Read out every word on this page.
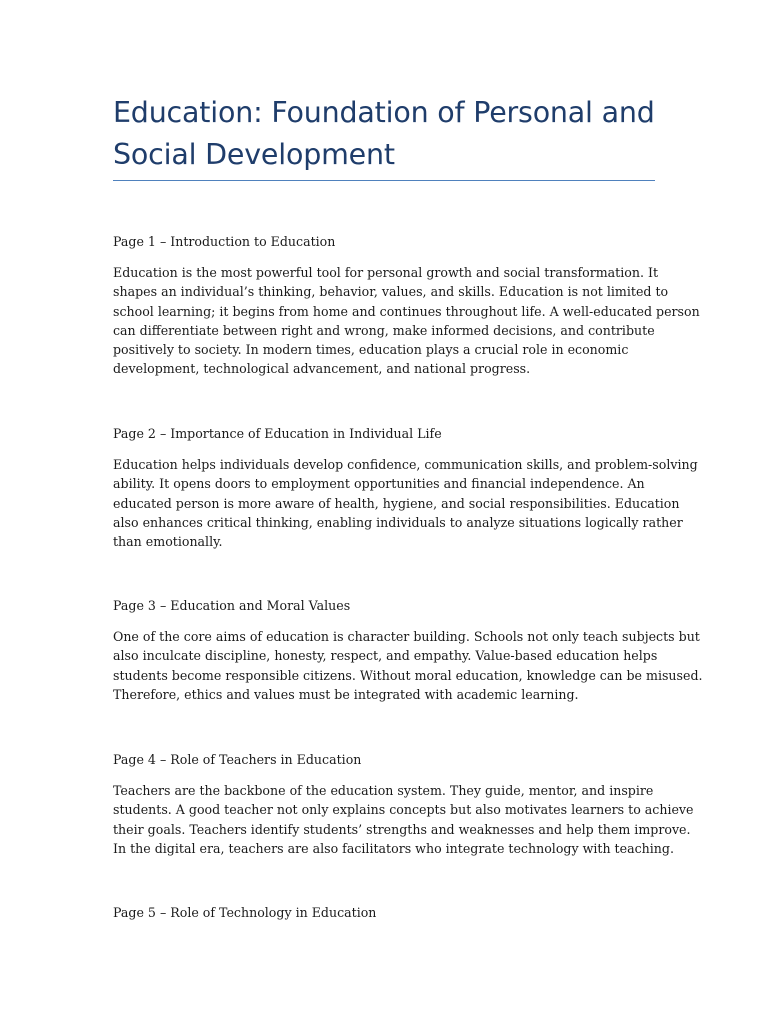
Education: Foundation of Personal and Social Development

Page 1 – Introduction to Education

Education is the most powerful tool for personal growth and social transformation. It
shapes an individual’s thinking, behavior, values, and skills. Education is not limited to
school learning; it begins from home and continues throughout life. A well-educated person
can differentiate between right and wrong, make informed decisions, and contribute
positively to society. In modern times, education plays a crucial role in economic
development, technological advancement, and national progress.

Page 2 – Importance of Education in Individual Life

Education helps individuals develop confidence, communication skills, and problem-solving
ability. It opens doors to employment opportunities and financial independence. An
educated person is more aware of health, hygiene, and social responsibilities. Education
also enhances critical thinking, enabling individuals to analyze situations logically rather
than emotionally.

Page 3 – Education and Moral Values

One of the core aims of education is character building. Schools not only teach subjects but
also inculcate discipline, honesty, respect, and empathy. Value-based education helps
students become responsible citizens. Without moral education, knowledge can be misused.
Therefore, ethics and values must be integrated with academic learning.

Page 4 – Role of Teachers in Education

Teachers are the backbone of the education system. They guide, mentor, and inspire
students. A good teacher not only explains concepts but also motivates learners to achieve
their goals. Teachers identify students’ strengths and weaknesses and help them improve.
In the digital era, teachers are also facilitators who integrate technology with teaching.

Page 5 – Role of Technology in Education
